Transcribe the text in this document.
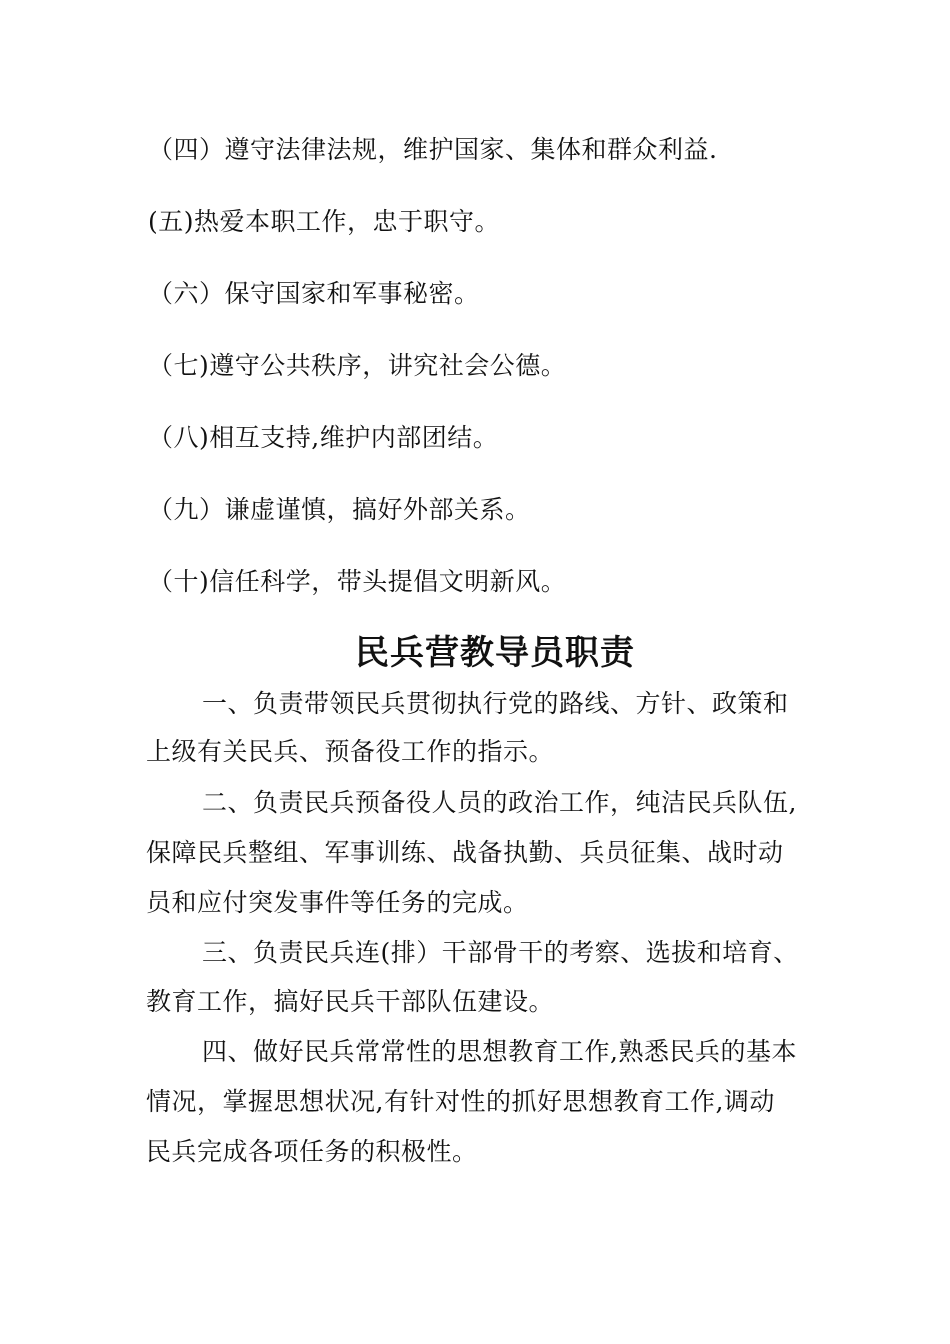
（四）遵守法律法规，维护国家、集体和群众利益.
(五)热爱本职工作，忠于职守。
（六）保守国家和军事秘密。
（七)遵守公共秩序，讲究社会公德。
（八)相互支持,维护内部团结。
（九）谦虚谨慎，搞好外部关系。
（十)信任科学，带头提倡文明新风。
民兵营教导员职责
一、负责带领民兵贯彻执行党的路线、方针、政策和
上级有关民兵、预备役工作的指示。
二、负责民兵预备役人员的政治工作，纯洁民兵队伍,
保障民兵整组、军事训练、战备执勤、兵员征集、战时动
员和应付突发事件等任务的完成。
三、负责民兵连(排）干部骨干的考察、选拔和培育、
教育工作，搞好民兵干部队伍建设。
四、做好民兵常常性的思想教育工作,熟悉民兵的基本
情况，掌握思想状况,有针对性的抓好思想教育工作,调动
民兵完成各项任务的积极性。
